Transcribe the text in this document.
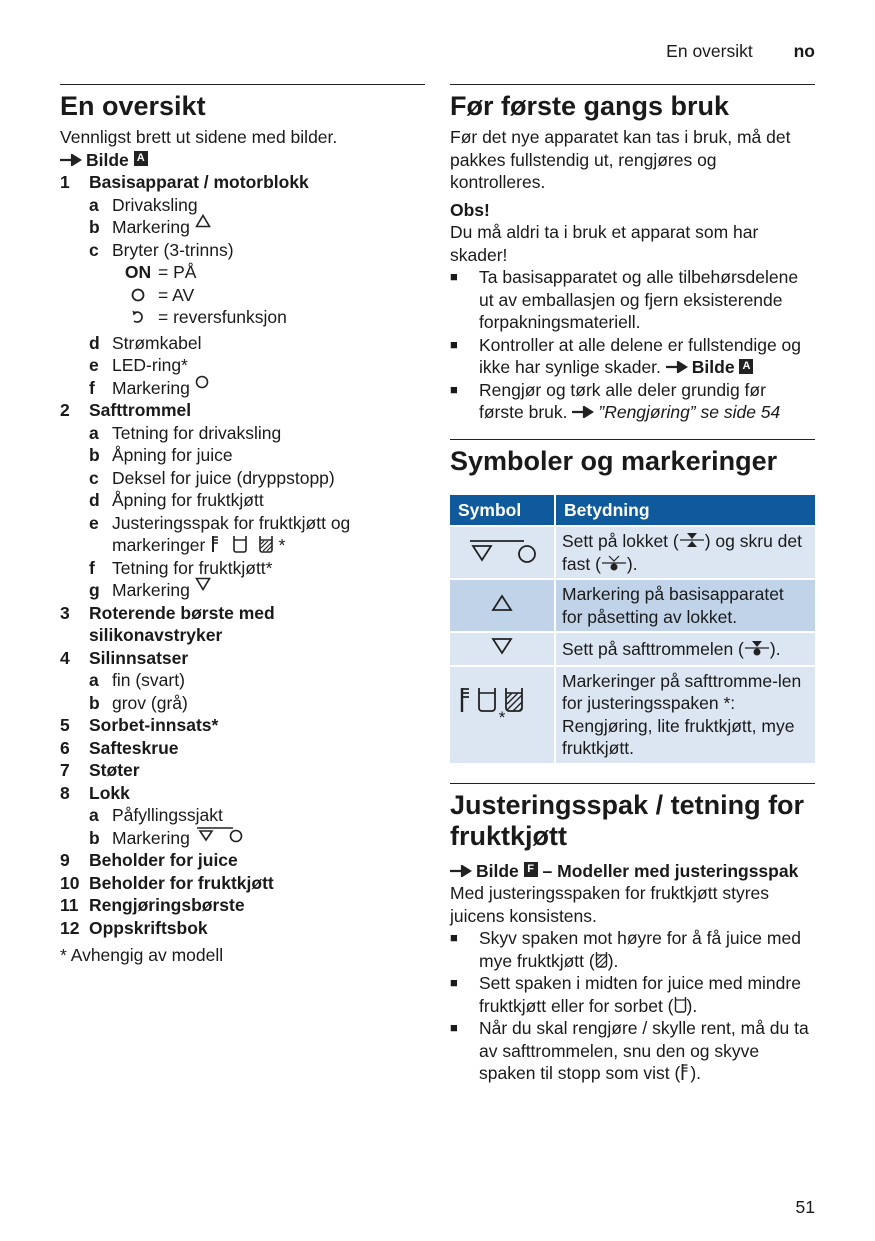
En oversikt no
En oversikt

Vennligst brett ut sidene med bilder.

Bilde A

1	Basisapparat / motorblokk
a Drivaksling
b Markering

c Bryter (3-trinns)
ON = PÅ
= AV
= reversfunksjon
d Strømkabel
e LED-ring*
f Markering

2	Safttrommel
a Tetning for drivaksling
b Åpning for juice
c Deksel for juice (dryppstopp)
d Åpning for fruktkjøtt
e Justeringsspak for fruktkjøtt og
markeringer	*
f Tetning for fruktkjøtt*
g Markering

3	Roterende børste med silikonavstryker
4	Silinnsatser
a fin (svart)
b grov (grå)
5	Sorbet-innsats*
6	Safteskrue
7	Støter
8	Lokk
a Påfyllingssjakt
b Markering

9	Beholder for juice
10 Beholder for fruktkjøtt
11 Rengjøringsbørste
12 Oppskriftsbok

* Avhengig av modell

Før første gangs bruk

Før det nye apparatet kan tas i bruk, må det pakkes fullstendig ut, rengjøres og kontrolleres.

Obs!

Du må aldri ta i bruk et apparat som har skader!

■	Ta basisapparatet og alle tilbehørsdelene ut av emballasjen og fjern eksisterende forpakningsmateriell.
■	Kontroller at alle delene er fullstendige og ikke har synlige skader. Bilde A
■	Rengjør og tørk alle deler grundig før første bruk. ”Rengjøring” se side 54
Symboler og markeringer
Symbol	Betydning
	Sett på lokket ( ) og skru det fast ( ).
	Markering på basisapparatet for påsetting av lokket.
	Sett på safttrommelen ( ).
*	Markeringer på safttromme-len for justeringsspaken *: Rengjøring, lite fruktkjøtt, mye fruktkjøtt.
Justeringsspak / tetning for fruktkjøtt

Bilde F – Modeller med justeringsspak

Med justeringsspaken for fruktkjøtt styres juicens konsistens.

■	Skyv spaken mot høyre for å få juice med mye fruktkjøtt ( ).
■	Sett spaken i midten for juice med mindre fruktkjøtt eller for sorbet ( ).
■	Når du skal rengjøre / skylle rent, må du ta av safttrommelen, snu den og skyve spaken til stopp som vist ( ).
51
